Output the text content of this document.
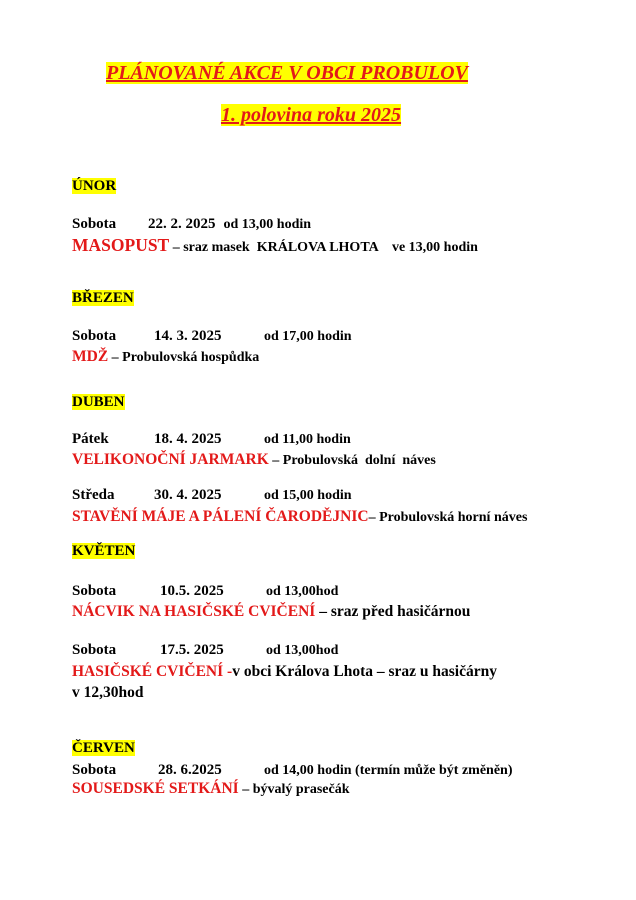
PLÁNOVANÉ AKCE V OBCI PROBULOV
1. polovina roku 2025
ÚNOR
Sobota 22. 2. 2025 od 13,00 hodin
MASOPUST – sraz masek  KRÁLOVA LHOTA    ve 13,00 hodin
BŘEZEN
Sobota	14. 3. 2025	od 17,00 hodin
MDŽ – Probulovská hospůdka
DUBEN
Pátek	18. 4. 2025	od 11,00 hodin
VELIKONOČNÍ JARMARK – Probulovská  dolní  náves
Středa	30. 4. 2025	od 15,00 hodin
STAVĚNÍ MÁJE A PÁLENÍ ČARODĚJNIC– Probulovská horní náves
KVĚTEN
Sobota	10.5. 2025	od 13,00hod
NÁCVIK NA HASIČSKÉ CVIČENÍ – sraz před hasičárnou
Sobota	17.5. 2025	od 13,00hod
HASIČSKÉ CVIČENÍ -v obci Králova Lhota – sraz u hasičárny
v 12,30hod
ČERVEN
Sobota	28. 6.2025	od 14,00 hodin (termín může být změněn)
SOUSEDSKÉ SETKÁNÍ – bývalý prasečák
